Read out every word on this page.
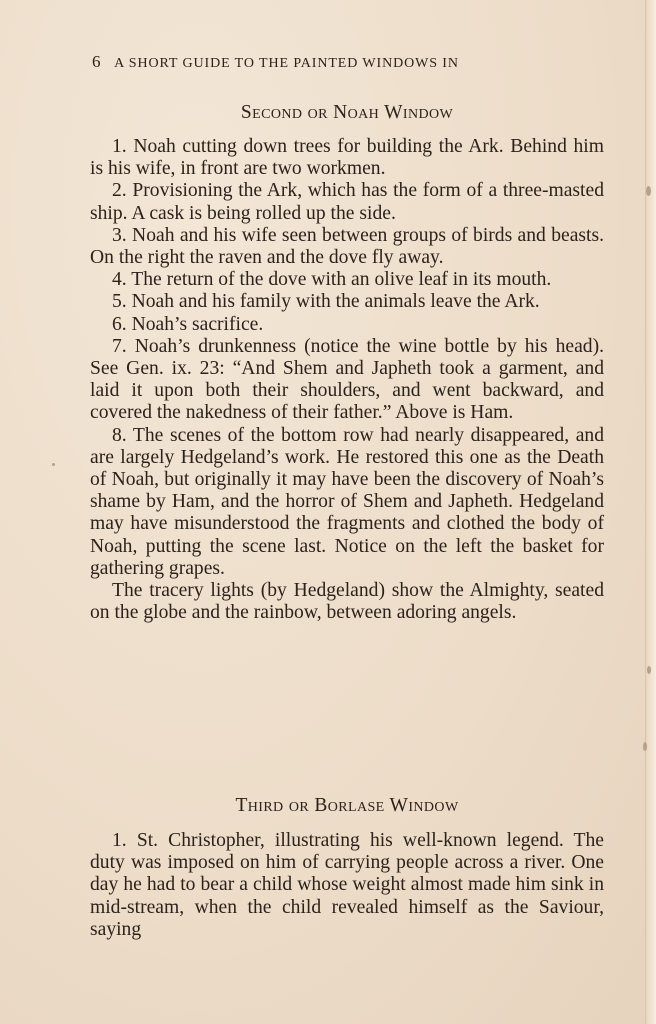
6 A SHORT GUIDE TO THE PAINTED WINDOWS IN
Second or Noah Window

1. Noah cutting down trees for building the Ark. Behind him is his wife, in front are two workmen.

2. Provisioning the Ark, which has the form of a three-masted ship. A cask is being rolled up the side.

3. Noah and his wife seen between groups of birds and beasts. On the right the raven and the dove fly away.

4. The return of the dove with an olive leaf in its mouth.

5. Noah and his family with the animals leave the Ark.

6. Noah’s sacrifice.

7. Noah’s drunkenness (notice the wine bottle by his head). See Gen. ix. 23: “And Shem and Japheth took a garment, and laid it upon both their shoulders, and went backward, and covered the nakedness of their father.” Above is Ham.

8. The scenes of the bottom row had nearly disappeared, and are largely Hedgeland’s work. He restored this one as the Death of Noah, but originally it may have been the discovery of Noah’s shame by Ham, and the horror of Shem and Japheth. Hedgeland may have misunderstood the fragments and clothed the body of Noah, putting the scene last. Notice on the left the basket for gathering grapes.

The tracery lights (by Hedgeland) show the Almighty, seated on the globe and the rainbow, between adoring angels.

Third or Borlase Window

1. St. Christopher, illustrating his well-known legend. The duty was imposed on him of carrying people across a river. One day he had to bear a child whose weight almost made him sink in mid-stream, when the child revealed himself as the Saviour, saying
